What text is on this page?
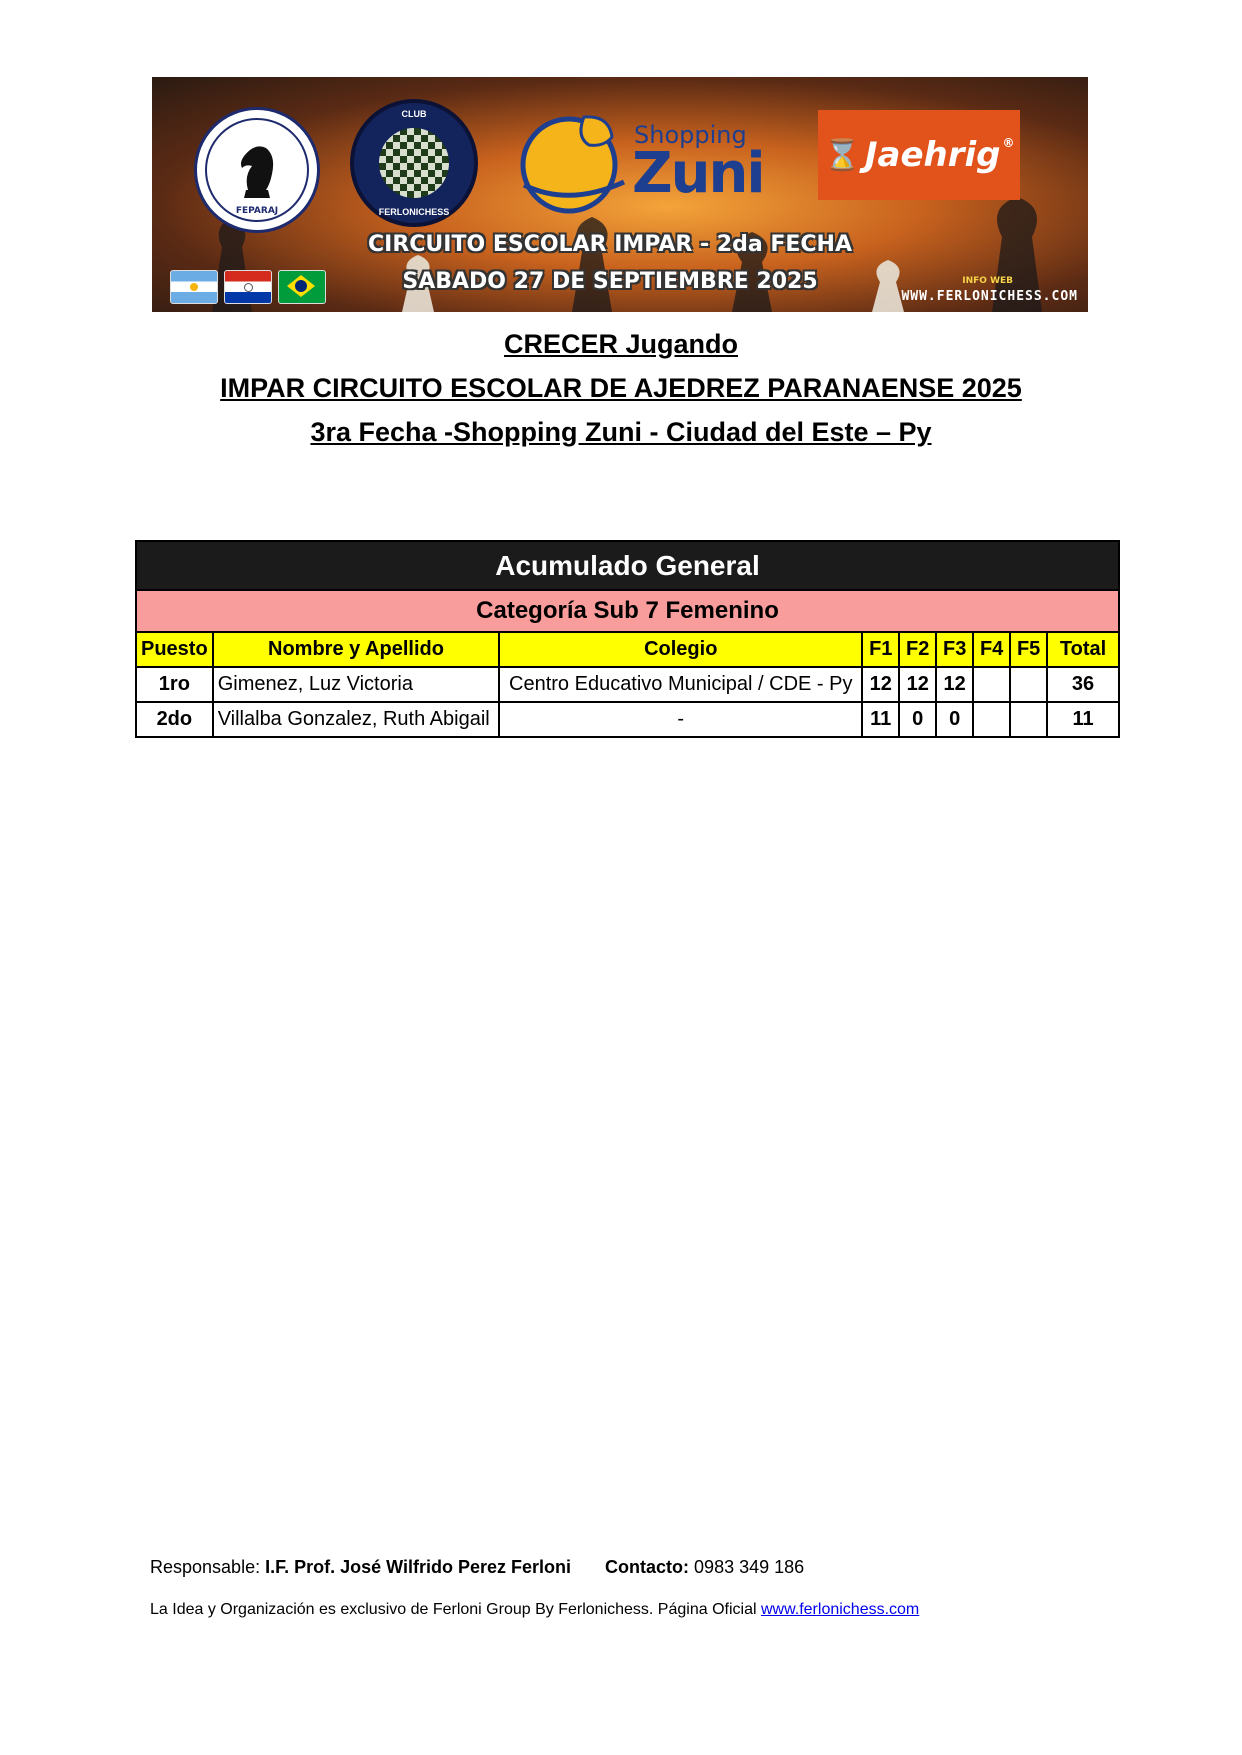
FEPARAJ
CLUB
FERLONICHESS
Shopping
Zuni ⌛ Jaehrig ®
CIRCUITO ESCOLAR IMPAR - 2da FECHA
SABADO 27 DE SEPTIEMBRE 2025	INFO WEB
WWW.FERLONICHESS.COM
CRECER Jugando
IMPAR CIRCUITO ESCOLAR DE AJEDREZ PARANAENSE 2025
3ra Fecha -Shopping Zuni - Ciudad del Este – Py
Acumulado General								
Categoría Sub 7 Femenino								
Puesto	Nombre y Apellido	Colegio	F1	F2	F3	F4	F5	Total
1ro	Gimenez, Luz Victoria	Centro Educativo Municipal / CDE - Py	12	12	12			36
2do	Villalba Gonzalez, Ruth Abigail	-	11	0	0			11
Responsable: I.F. Prof. José Wilfrido Perez Ferloni Contacto: 0983 349 186
La Idea y Organización es exclusivo de Ferloni Group By Ferlonichess. Página Oficial www.ferlonichess.com
